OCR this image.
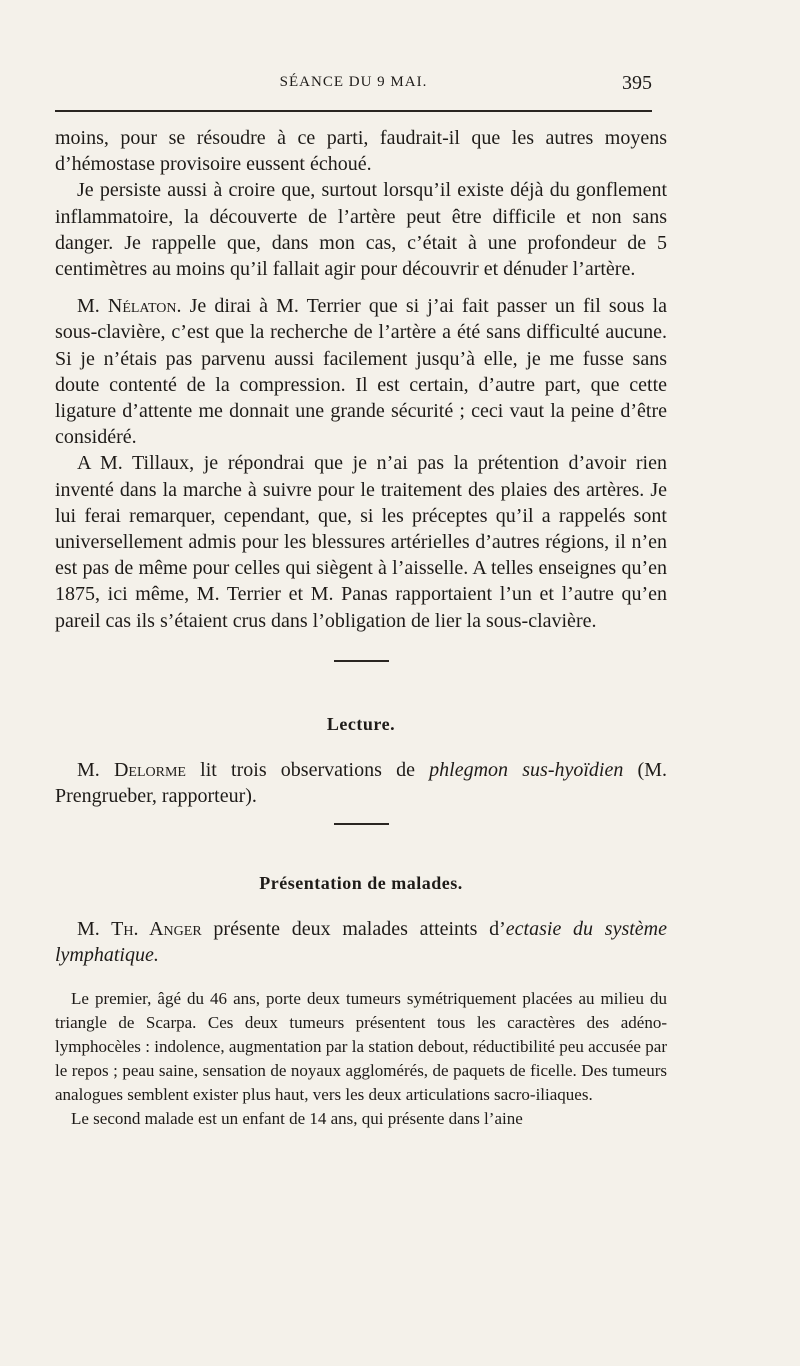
SÉANCE DU 9 MAI.	395

moins, pour se résoudre à ce parti, faudrait-il que les autres moyens d’hémostase provisoire eussent échoué.

Je persiste aussi à croire que, surtout lorsqu’il existe déjà du gonflement inflammatoire, la découverte de l’artère peut être difficile et non sans danger. Je rappelle que, dans mon cas, c’était à une profondeur de 5 centimètres au moins qu’il fallait agir pour découvrir et dénuder l’artère.

M. Nélaton. Je dirai à M. Terrier que si j’ai fait passer un fil sous la sous-clavière, c’est que la recherche de l’artère a été sans difficulté aucune. Si je n’étais pas parvenu aussi facilement jusqu’à elle, je me fusse sans doute contenté de la compression. Il est certain, d’autre part, que cette ligature d’attente me donnait une grande sécurité ; ceci vaut la peine d’être considéré.

A M. Tillaux, je répondrai que je n’ai pas la prétention d’avoir rien inventé dans la marche à suivre pour le traitement des plaies des artères. Je lui ferai remarquer, cependant, que, si les préceptes qu’il a rappelés sont universellement admis pour les blessures artérielles d’autres régions, il n’en est pas de même pour celles qui siègent à l’aisselle. A telles enseignes qu’en 1875, ici même, M. Terrier et M. Panas rapportaient l’un et l’autre qu’en pareil cas ils s’étaient crus dans l’obligation de lier la sous-clavière.

Lecture.

M. Delorme lit trois observations de phlegmon sus-hyoïdien (M. Prengrueber, rapporteur).

Présentation de malades.

M. Th. Anger présente deux malades atteints d’ectasie du système lymphatique.

Le premier, âgé du 46 ans, porte deux tumeurs symétriquement placées au milieu du triangle de Scarpa. Ces deux tumeurs présentent tous les caractères des adéno-lymphocèles : indolence, augmentation par la station debout, réductibilité peu accusée par le repos ; peau saine, sensation de noyaux agglomérés, de paquets de ficelle. Des tumeurs analogues semblent exister plus haut, vers les deux articulations sacro-iliaques.

Le second malade est un enfant de 14 ans, qui présente dans l’aine
